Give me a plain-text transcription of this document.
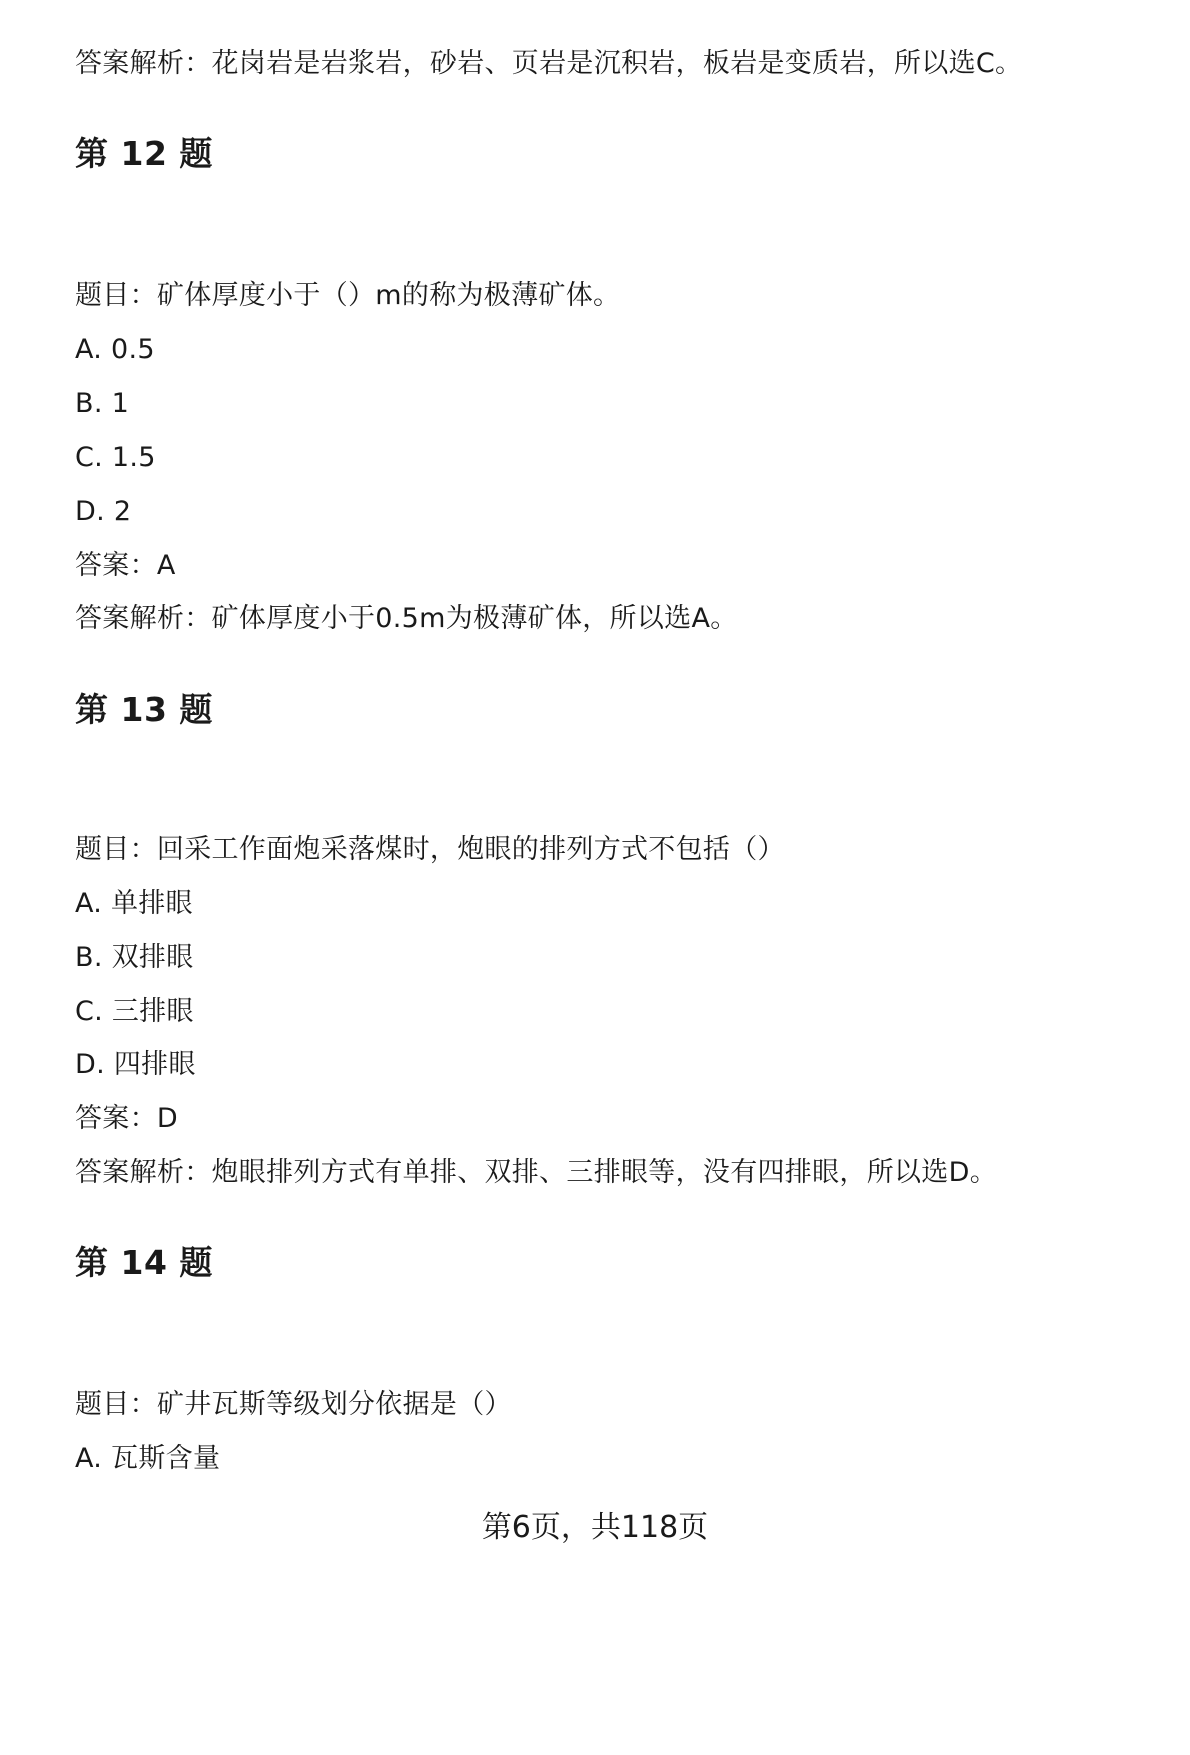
答案解析：花岗岩是岩浆岩，砂岩、页岩是沉积岩，板岩是变质岩，所以选C。
第 12 题
题目：矿体厚度小于（）m的称为极薄矿体。
A. 0.5
B. 1
C. 1.5
D. 2
答案：A
答案解析：矿体厚度小于0.5m为极薄矿体，所以选A。
第 13 题
题目：回采工作面炮采落煤时，炮眼的排列方式不包括（）
A. 单排眼
B. 双排眼
C. 三排眼
D. 四排眼
答案：D
答案解析：炮眼排列方式有单排、双排、三排眼等，没有四排眼，所以选D。
第 14 题
题目：矿井瓦斯等级划分依据是（）
A. 瓦斯含量
第6页，共118页
